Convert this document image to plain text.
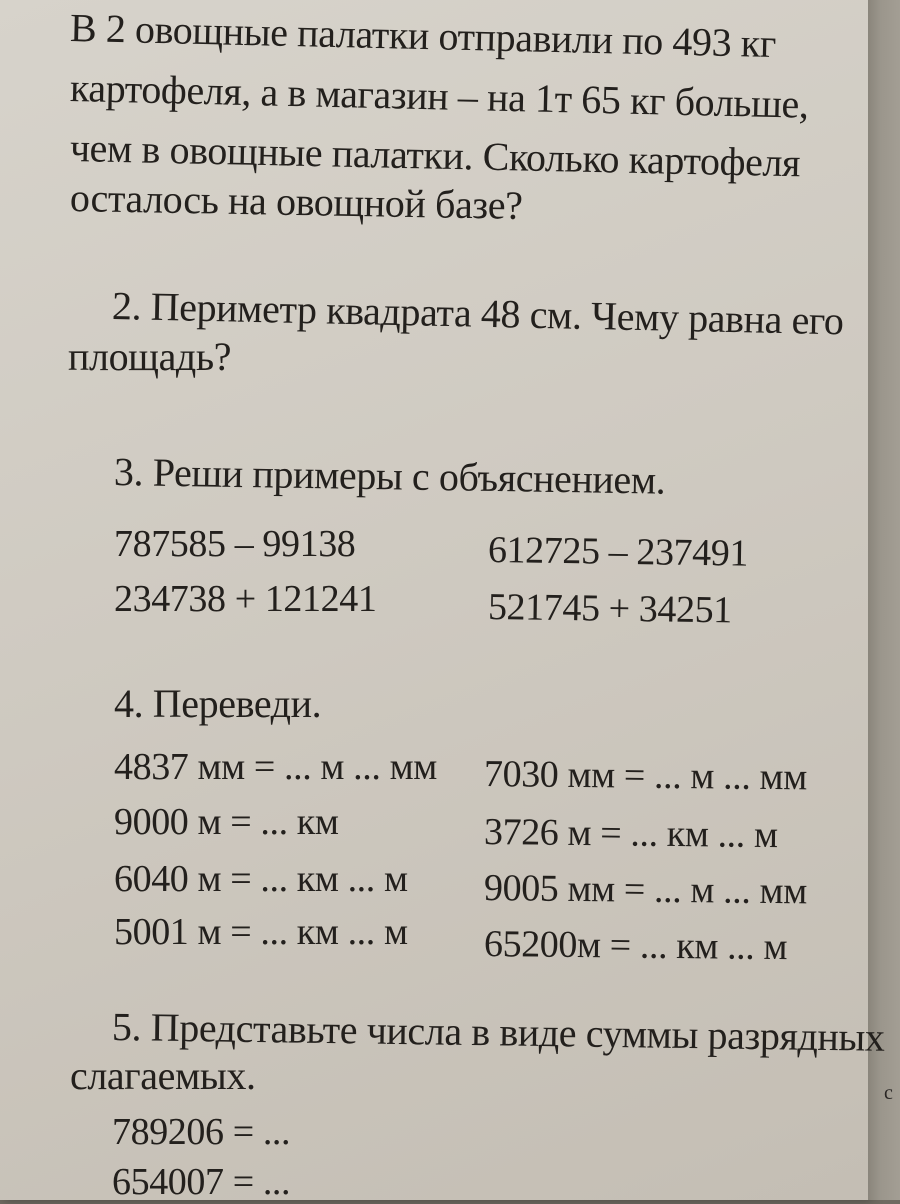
с
В 2 овощные палатки отправили по 493 кг
картофеля, а в магазин – на 1т 65 кг больше,
чем в овощные палатки. Сколько картофеля
осталось на овощной базе?
2. Периметр квадрата 48 см. Чему равна его
площадь?
3. Реши примеры с объяснением.
787585 – 99138
234738 + 121241
612725 – 237491
521745 + 34251
4. Переведи.
4837 мм = ... м ... мм
9000 м = ... км
6040 м = ... км ... м
5001 м = ... км ... м
7030 мм = ... м ... мм
3726 м = ... км ... м
9005 мм = ... м ... мм
65200м = ... км ... м
5. Представьте числа в виде суммы разрядных
слагаемых.
789206 = ...
654007 = ...
